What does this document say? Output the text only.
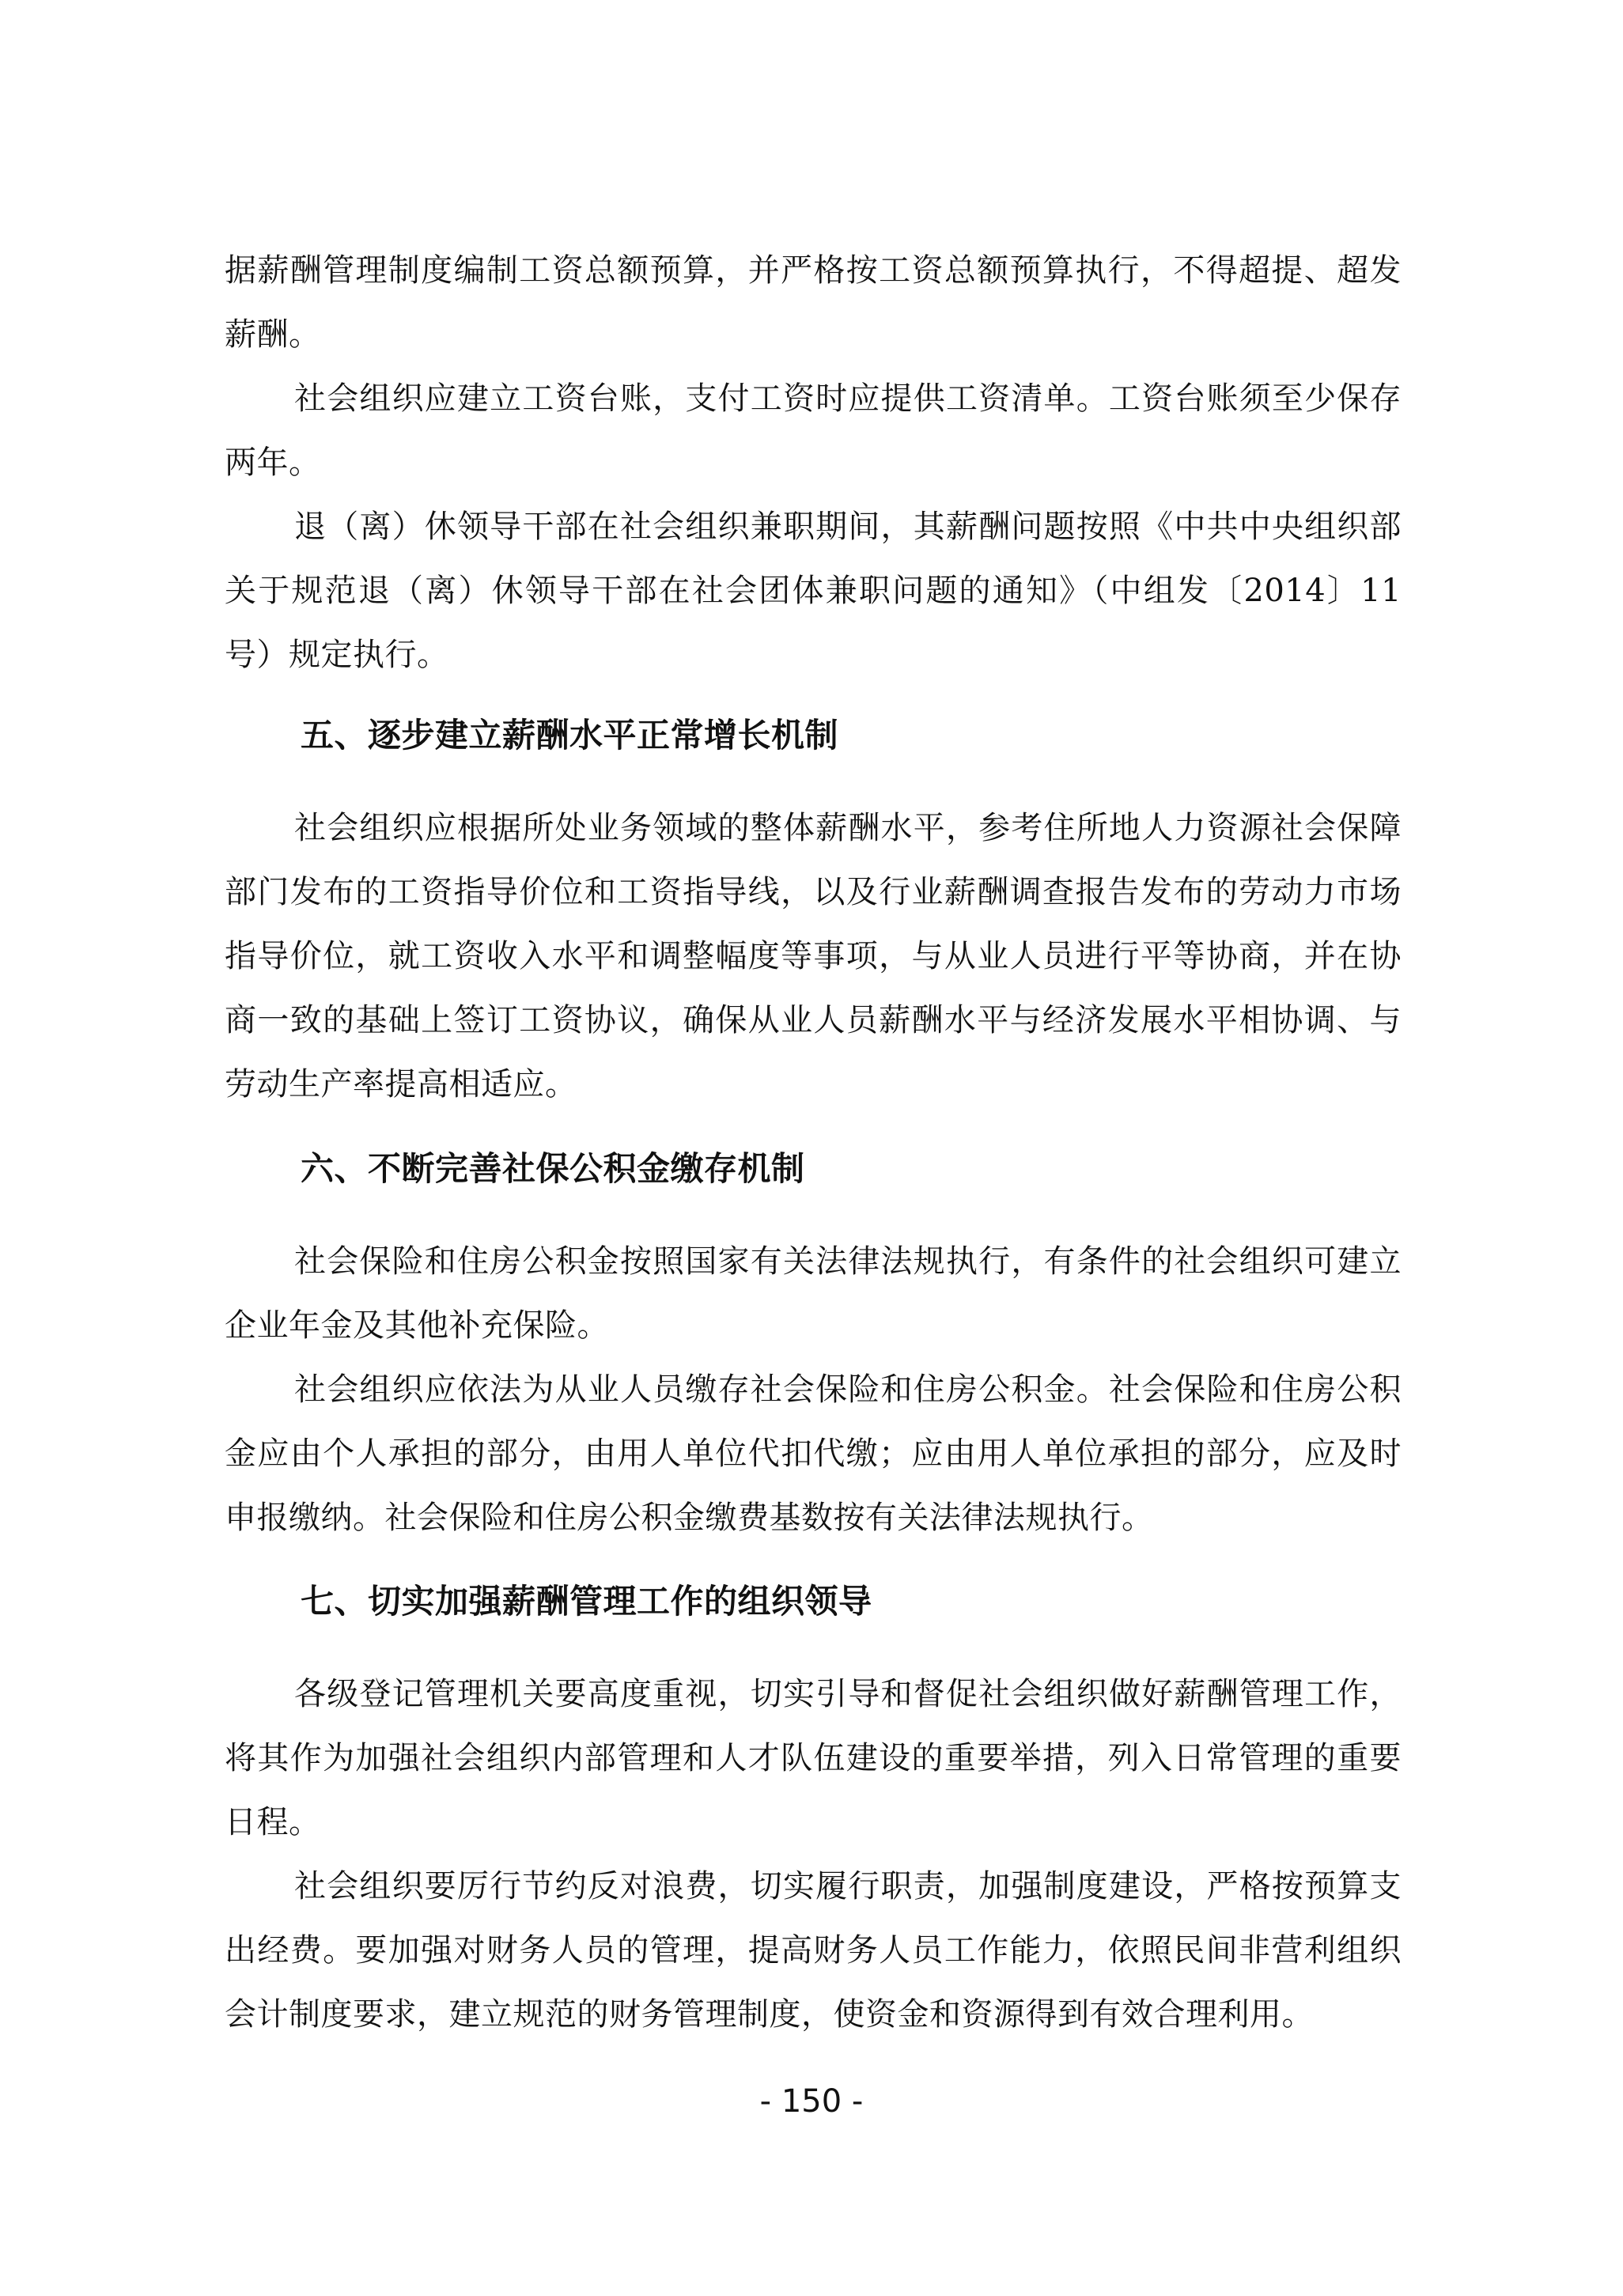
据薪酬管理制度编制工资总额预算，并严格按工资总额预算执行，不得超提、超发薪酬。

社会组织应建立工资台账，支付工资时应提供工资清单。工资台账须至少保存两年。

退（离）休领导干部在社会组织兼职期间，其薪酬问题按照《中共中央组织部关于规范退（离）休领导干部在社会团体兼职问题的通知》（中组发〔2014〕11号）规定执行。

五、逐步建立薪酬水平正常增长机制

社会组织应根据所处业务领域的整体薪酬水平，参考住所地人力资源社会保障部门发布的工资指导价位和工资指导线，以及行业薪酬调查报告发布的劳动力市场指导价位，就工资收入水平和调整幅度等事项，与从业人员进行平等协商，并在协商一致的基础上签订工资协议，确保从业人员薪酬水平与经济发展水平相协调、与劳动生产率提高相适应。

六、不断完善社保公积金缴存机制

社会保险和住房公积金按照国家有关法律法规执行，有条件的社会组织可建立企业年金及其他补充保险。

社会组织应依法为从业人员缴存社会保险和住房公积金。社会保险和住房公积金应由个人承担的部分，由用人单位代扣代缴；应由用人单位承担的部分，应及时申报缴纳。社会保险和住房公积金缴费基数按有关法律法规执行。

七、切实加强薪酬管理工作的组织领导

各级登记管理机关要高度重视，切实引导和督促社会组织做好薪酬管理工作，将其作为加强社会组织内部管理和人才队伍建设的重要举措，列入日常管理的重要日程。

社会组织要厉行节约反对浪费，切实履行职责，加强制度建设，严格按预算支出经费。要加强对财务人员的管理，提高财务人员工作能力，依照民间非营利组织会计制度要求，建立规范的财务管理制度，使资金和资源得到有效合理利用。

- 150 -
